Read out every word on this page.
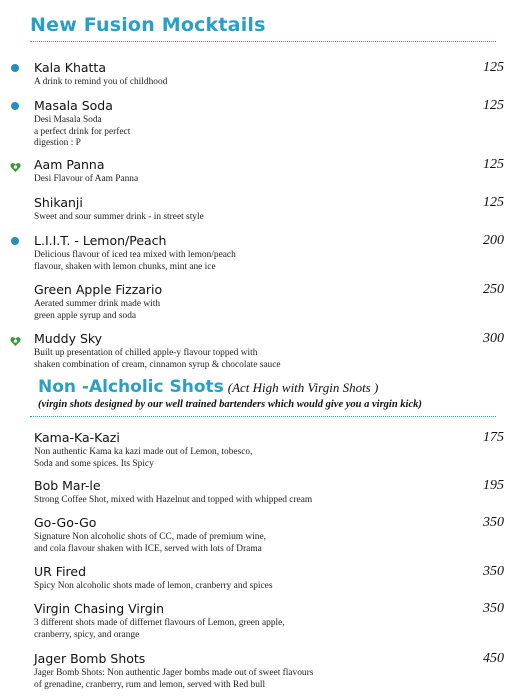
New Fusion Mocktails
Kala Khatta
A drink to remind you of childhood
125
Masala Soda
Desi Masala Soda
a perfect drink for perfect
digestion : P
125
Aam Panna
Desi Flavour of Aam Panna
125
Shikanji
Sweet and sour summer drink - in street style
125
L.I.I.T. - Lemon/Peach
Delicious flavour of iced tea mixed with lemon/peach
flavour, shaken with lemon chunks, mint ane ice
200
Green Apple Fizzario
Aerated summer drink made with
green apple syrup and soda
250
Muddy Sky
Built up presentation of chilled apple-y flavour topped with
shaken combination of cream, cinnamon syrup & chocolate sauce
300
Non -Alcholic Shots (Act High with Virgin Shots )
(virgin shots designed by our well trained bartenders which would give you a virgin kick)
Kama-Ka-Kazi
Non authentic Kama ka kazi made out of Lemon, tobesco,
Soda and some spices. Its Spicy
175
Bob Mar-le
Strong Coffee Shot, mixed with Hazelnut and topped with whipped cream
195
Go-Go-Go
Signature Non alcoholic shots of CC, made of premium wine,
and cola flavour shaken with ICE, served with lots of Drama
350
UR Fired
Spicy Non alcoholic shots made of lemon, cranberry and spices
350
Virgin Chasing Virgin
3 different shots made of differnet flavours of Lemon, green apple,
cranberry, spicy, and orange
350
Jager Bomb Shots
Jager Bomb Shots: Non authentic Jager bombs made out of sweet flavours
of grenadine, cranberry, rum and lemon, served with Red bull
450
